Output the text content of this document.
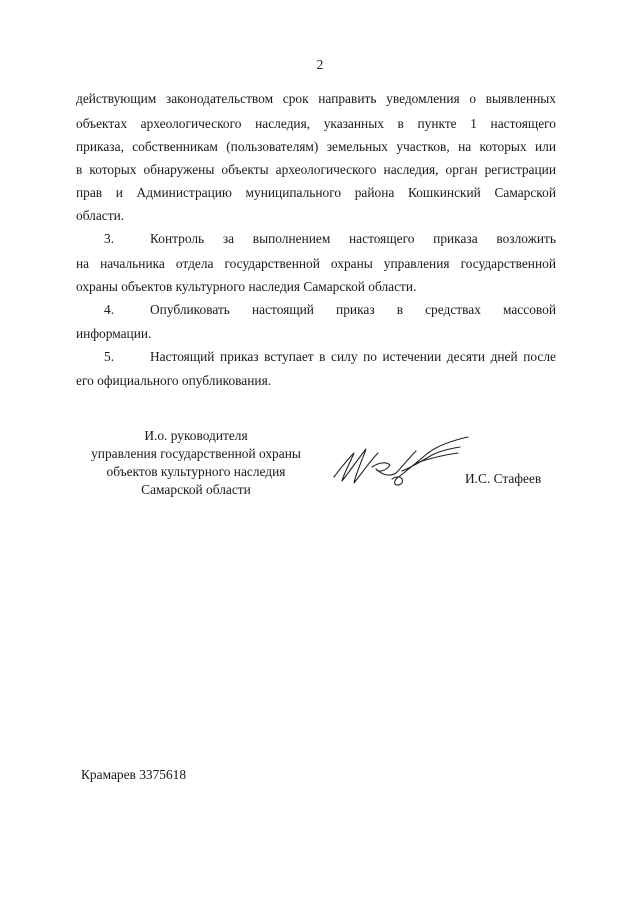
2
действующим законодательством срок направить уведомления о выявленных
объектах археологического наследия, указанных в пункте 1 настоящего
приказа, собственникам (пользователям) земельных участков, на которых или
в которых обнаружены объекты археологического наследия, орган регистрации
прав и Администрацию муниципального района Кошкинский Самарской
области.
3.	Контроль за выполнением настоящего приказа возложить
на начальника отдела государственной охраны управления государственной
охраны объектов культурного наследия Самарской области.
4.	Опубликовать настоящий приказ в средствах массовой
информации.
5.	Настоящий приказ вступает в силу по истечении десяти дней после
его официального опубликования.
И.о. руководителя
управления государственной охраны
объектов культурного наследия
Самарской области
И.С. Стафеев
Крамарев 3375618
